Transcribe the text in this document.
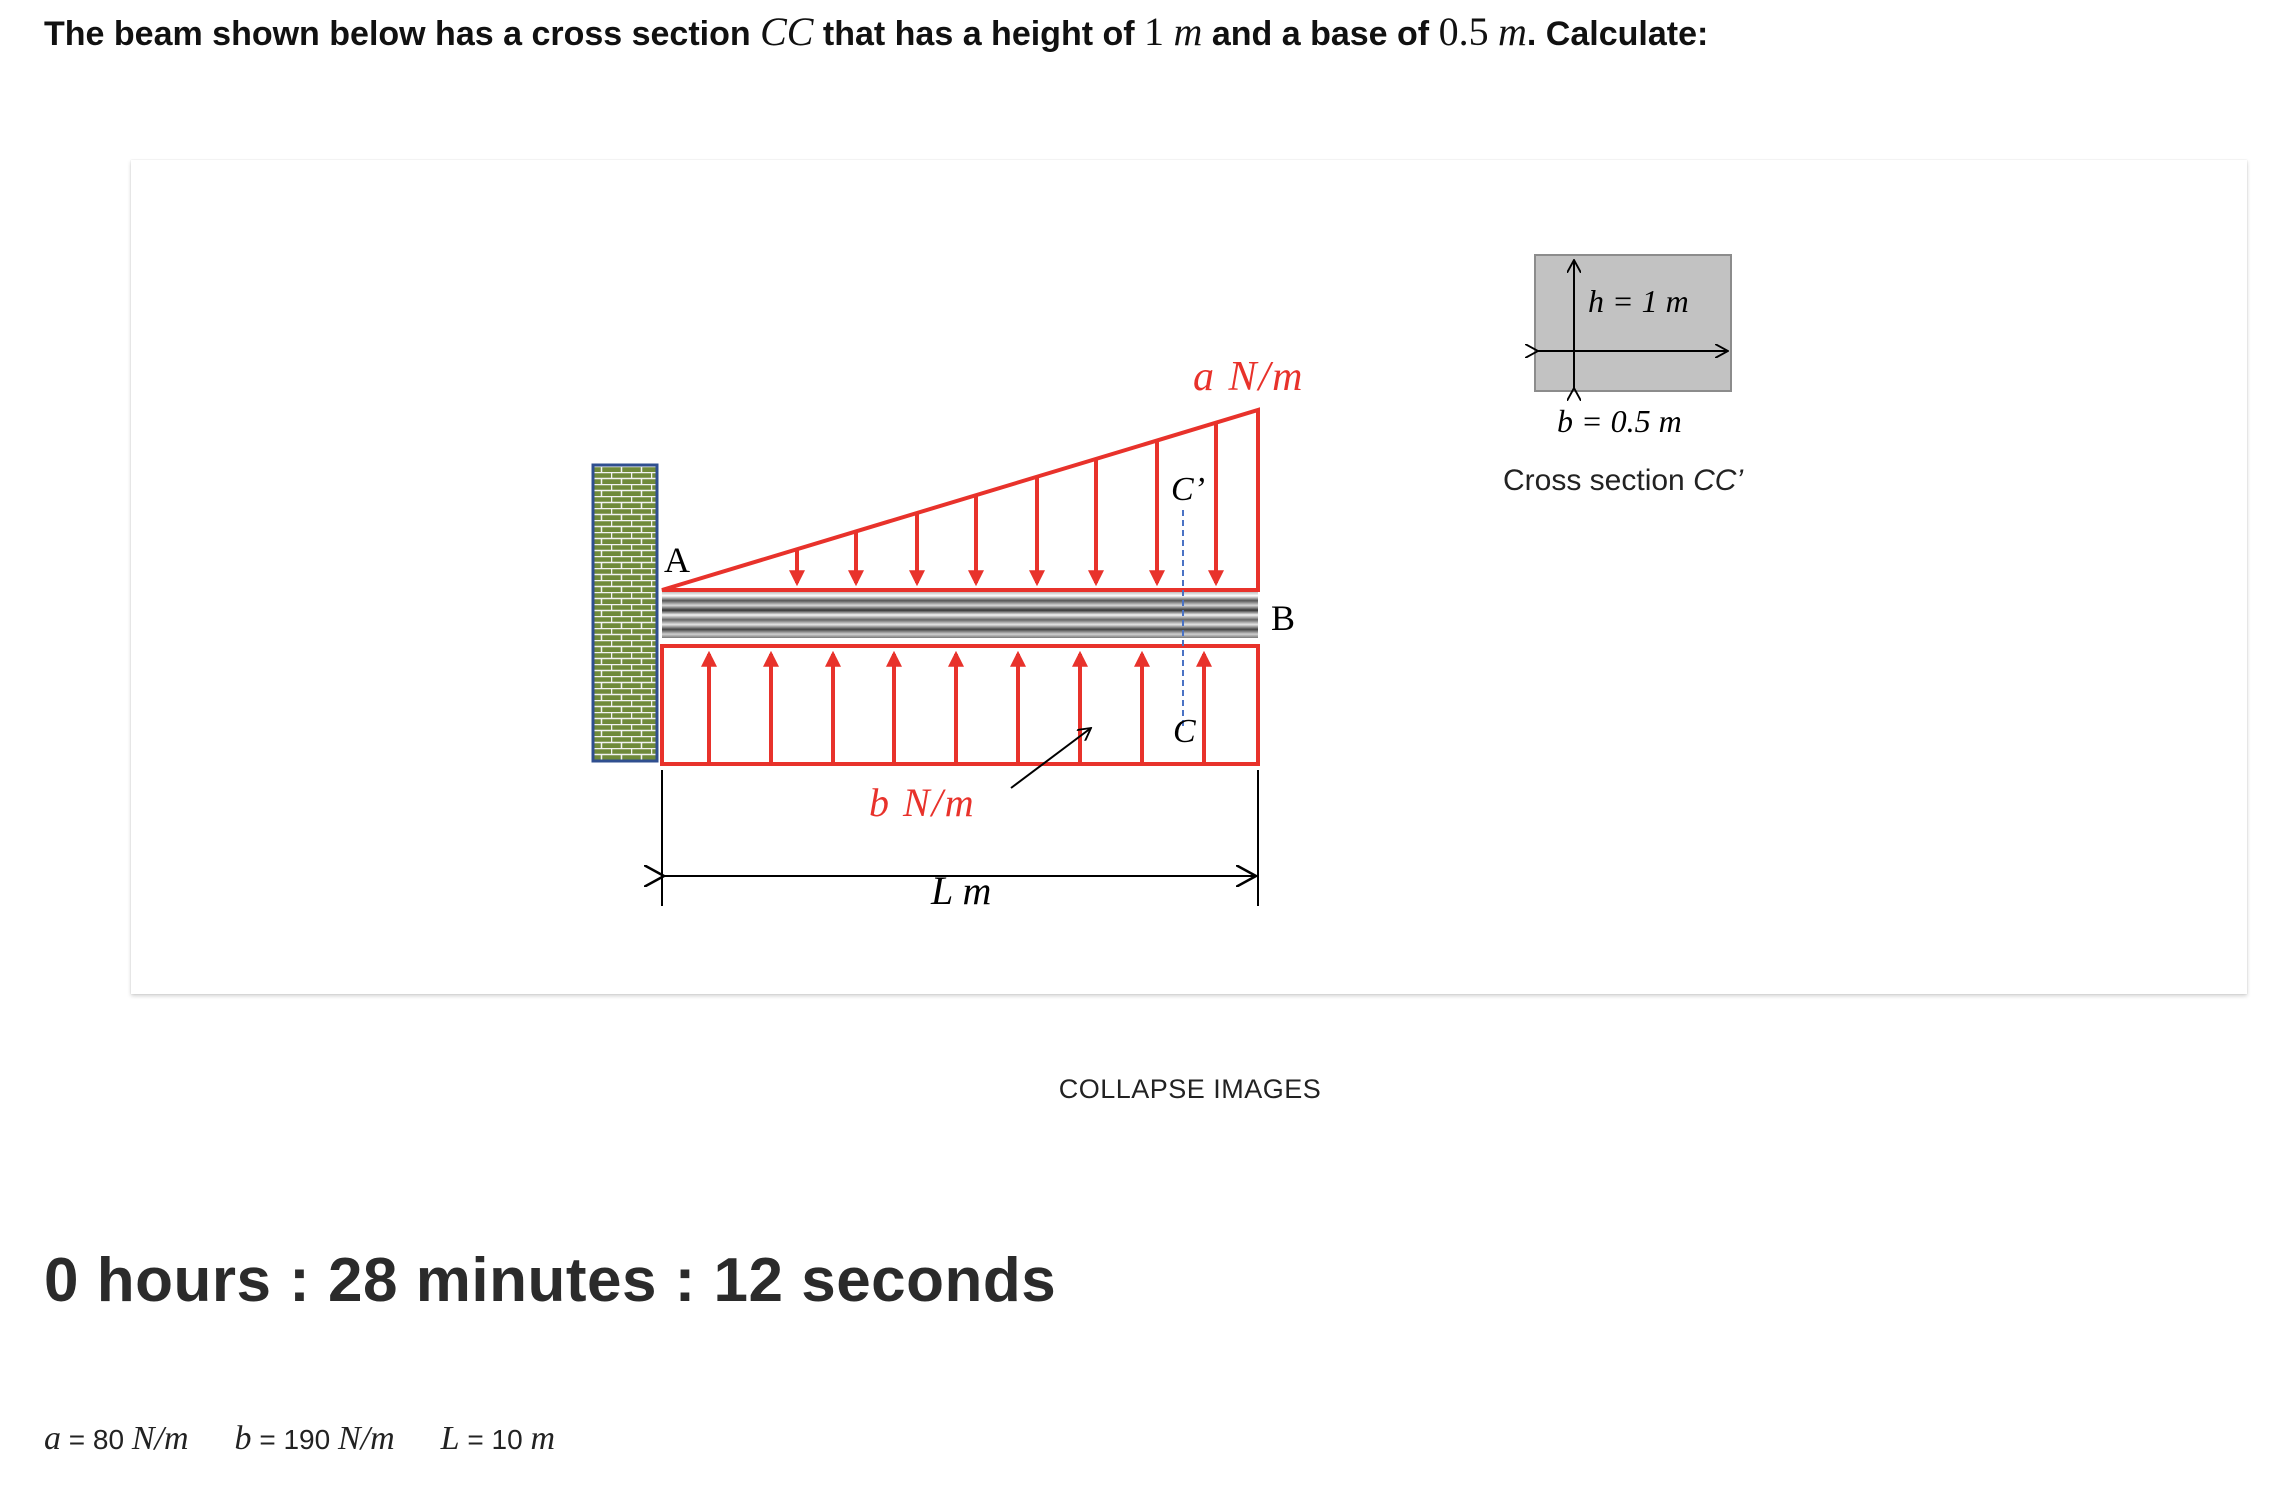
The beam shown below has a cross section CC that has a height of 1 m and a base of 0.5 m. Calculate:
A
B
a N/m
b N/m
C’
C
L m
h = 1 m
b = 0.5 m
Cross section CC’
COLLAPSE IMAGES
0 hours : 28 minutes : 12 seconds
a = 80 N/m b = 190 N/m L = 10 m
